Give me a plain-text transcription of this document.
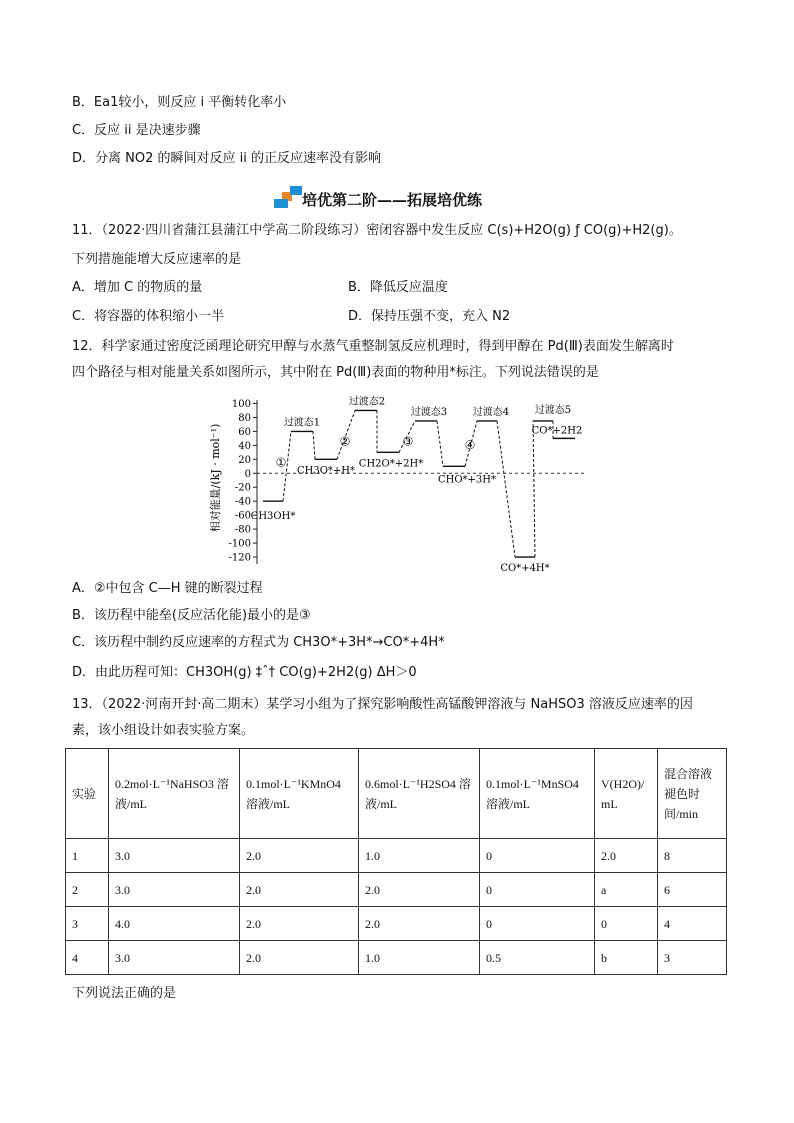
B．Ea1较小，则反应 i 平衡转化率小
C．反应 ii 是决速步骤
D．分离 NO2 的瞬间对反应 ii 的正反应速率没有影响
培优第二阶——拓展培优练
11．（2022·四川省蒲江县蒲江中学高二阶段练习）密闭容器中发生反应 C(s)+H2O(g) ƒ CO(g)+H2(g)。
下列措施能增大反应速率的是
A．增加 C 的物质的量	B．降低反应温度
C．将容器的体积缩小一半	D．保持压强不变，充入 N2
12．科学家通过密度泛函理论研究甲醇与水蒸气重整制氢反应机理时，得到甲醇在 Pd(Ⅲ)表面发生解离时
四个路径与相对能量关系如图所示，其中附在 Pd(Ⅲ)表面的物种用*标注。下列说法错误的是
相对能量/(kJ · mol⁻¹)
100
80
60
40
20
0
-20
-40
-60
-80
-100
-120
CH3OH*
过渡态1
CH3O*+H*
过渡态2
CH2O*+2H*
过渡态3
CHO*+3H*
过渡态4
CO*+4H*
过渡态5
CO*+2H2
①
②	③	④
A．②中包含 C—H 键的断裂过程
B．该历程中能垒(反应活化能)最小的是③
C．该历程中制约反应速率的方程式为 CH3O*+3H*→CO*+4H*
D．由此历程可知：CH3OH(g) ‡ˆ† CO(g)+2H2(g) ΔH＞0
13．（2022·河南开封·高二期末）某学习小组为了探究影响酸性高锰酸钾溶液与 NaHSO3 溶液反应速率的因
素，该小组设计如表实验方案。
实验	0.2mol·L⁻¹NaHSO3 溶液/mL	0.1mol·L⁻¹KMnO4 溶液/mL	0.6mol·L⁻¹H2SO4 溶液/mL	0.1mol·L⁻¹MnSO4 溶液/mL	V(H2O)/ mL	混合溶液褪色时间/min
1	3.0	2.0	1.0	0	2.0	8
2	3.0	2.0	2.0	0	a	6
3	4.0	2.0	2.0	0	0	4
4	3.0	2.0	1.0	0.5	b	3
下列说法正确的是
